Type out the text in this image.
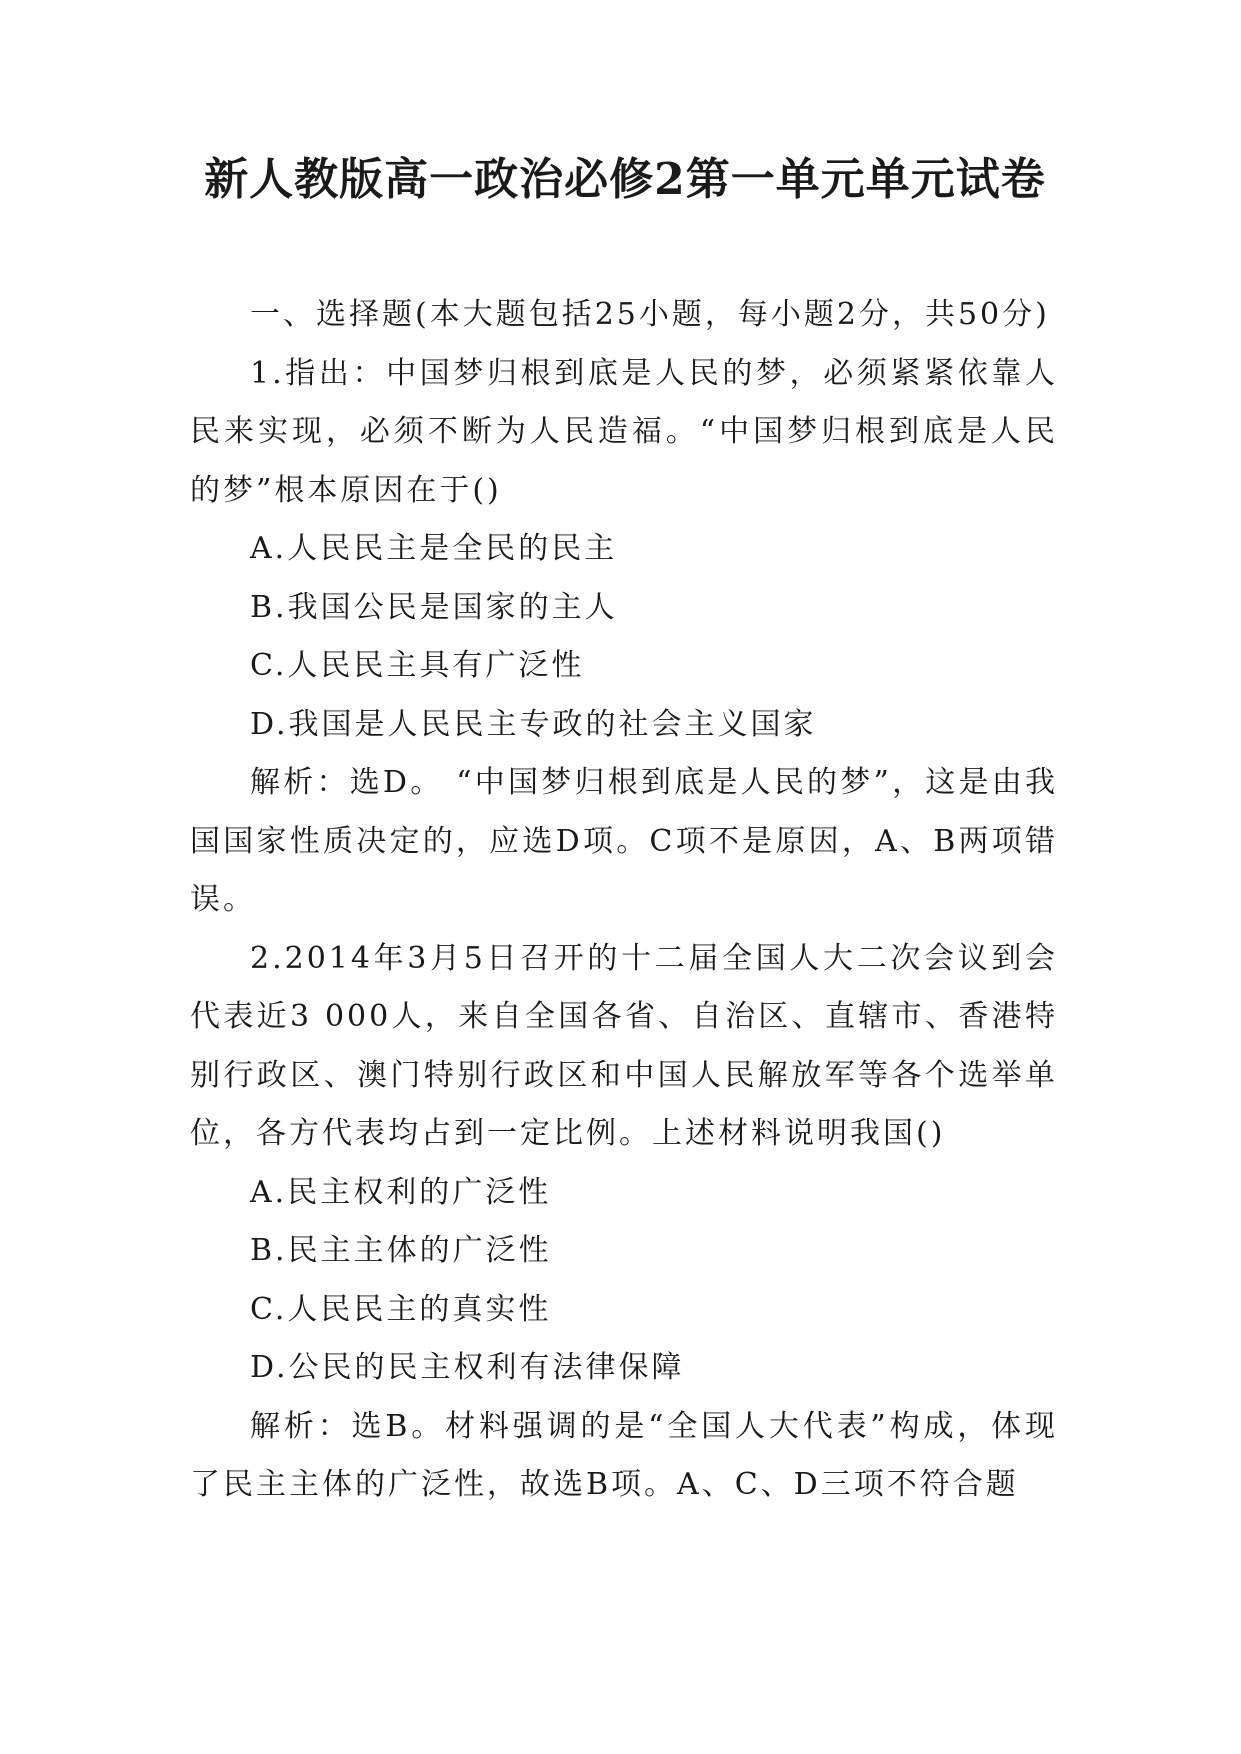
新人教版高一政治必修2第一单元单元试卷

一、选择题(本大题包括25小题，每小题2分，共50分)

1.指出：中国梦归根到底是人民的梦，必须紧紧依靠人民来实现，必须不断为人民造福。“中国梦归根到底是人民的梦”根本原因在于()

A.人民民主是全民的民主

B.我国公民是国家的主人

C.人民民主具有广泛性

D.我国是人民民主专政的社会主义国家

解析：选D。 “中国梦归根到底是人民的梦”，这是由我国国家性质决定的，应选D项。C项不是原因，A、B两项错误。

2.2014年3月5日召开的十二届全国人大二次会议到会代表近3 000人，来自全国各省、自治区、直辖市、香港特别行政区、澳门特别行政区和中国人民解放军等各个选举单位，各方代表均占到一定比例。上述材料说明我国()

A.民主权利的广泛性

B.民主主体的广泛性

C.人民民主的真实性

D.公民的民主权利有法律保障

解析：选B。材料强调的是“全国人大代表”构成，体现了民主主体的广泛性，故选B项。A、C、D三项不符合题
